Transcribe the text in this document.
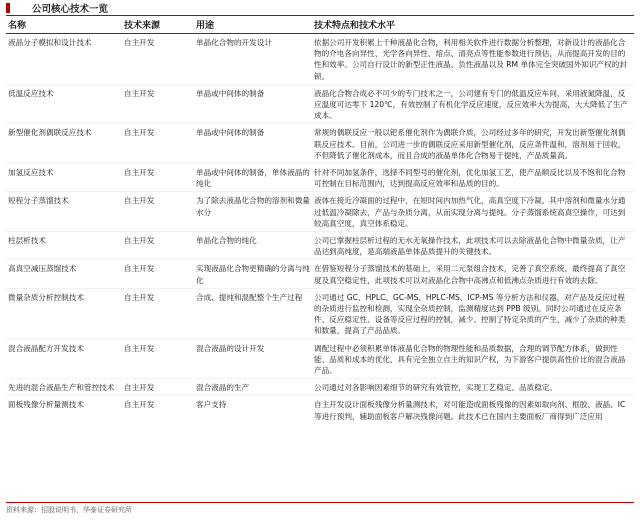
公司核心技术一览
名称	技术来源	用途	技术特点和技术水平
液晶分子模拟和设计技术	自主开发	单晶化合物的开发设计	依据公司开发积累上千种液晶化合物，利用相关软件进行数据分析整理，对新设计的液晶化合物的介电各向异性、光学各向异性、熔点、清亮点等性能参数进行预估，从而提高开发的目的性和效率。公司自行设计的新型正性液晶、负性液晶以及 RM 单体完全突破国外知识产权的封锁。
低温反应技术	自主开发	单晶或中间体的制备	液晶化合物合成必不可少的专门技术之一，公司建有专门的低温反应车间，采用液氮降温，反应温度可达零下 120℃，有效控制了有机化学反应速度，反应效率大为提高，大大降低了生产成本。
新型催化剂偶联反应技术	自主开发	单晶或中间体的制备	常规的偶联反应一般以钯系催化剂作为偶联介质，公司经过多年的研究，开发出新型催化剂偶联反应技术。目前，公司进一步的偶联反应采用新型催化剂，反应条件温和，溶剂易于回收，不但降低了催化剂成本，而且合成的液晶单体化合物易于提纯，产品质量高。
加氢反应技术	自主开发	单晶或中间体的制备，单体液晶的纯化	针对不同加氢条件，选择不同型号的催化剂，优化加氢工艺，使产品顺反比以及不饱和化合物可控制在目标范围内，达到提高反应效率和品质的目的。
短程分子蒸馏技术	自主开发	为了除去液晶化合物的溶剂和微量水分	液体在接近冷凝面的过程中，在短时间内加热气化，高真空度下冷凝，其中溶剂和微量水分通过低温冷凝除去，产品与杂质分离，从而实现分离与提纯。分子蒸馏系统高真空操作，可达到较高真空度，真空体系稳定。
柱层析技术	自主开发	单晶化合物的纯化	公司已掌握柱层析过程的无水无氧操作技术，此项技术可以去除液晶化合物中微量杂质，让产品达到高纯度，是高端液晶单体品质提升的关键技术。
高真空减压蒸馏技术	自主开发	实现液晶化合物更精确的分离与纯化	在借鉴短程分子蒸馏技术的基础上，采用二元泵组合技术，完善了真空系统，最终提高了真空度及真空稳定性，此项技术可以对液晶化合物中高沸点和低沸点杂质进行有效的去除。
微量杂质分析控制技术	自主开发	合成、提纯和混配整个生产过程	公司通过 GC、HPLC、GC-MS、HPLC-MS、ICP-MS 等分析方法和仪器，对产品及反应过程的杂质进行监控和检测，实现全杂质控制，监测精度达到 PPB 级别。同时公司通过在反应条件、反应稳定性、设备等反应过程的控制，减少、控制了特定杂质的产生，减少了杂质的种类和数量，提高了产品品质。
混合液晶配方开发技术	自主开发	混合液晶的设计开发	调配过程中必须积累单体液晶化合物的物理性能和品质数据，合理的调节配方体系，做到性能、品质和成本的优化，具有完全独立自主的知识产权，为下游客户提供高性价比的混合液晶产品。
先进的混合液晶生产和管控技术	自主开发	混合液晶的生产	公司通过对各影响因素细节的研究有效管控，实现工艺稳定、品质稳定。
面板残像分析量测技术	自主开发	客户支持	自主开发设计面板残像分析量测技术，对可能造成面板残像的因素如取向剂、框胶、液晶、IC 等进行预判，辅助面板客户解决残像问题。此技术已在国内主要面板厂商得到广泛应用
资料来源：招股说明书，华泰证券研究所
